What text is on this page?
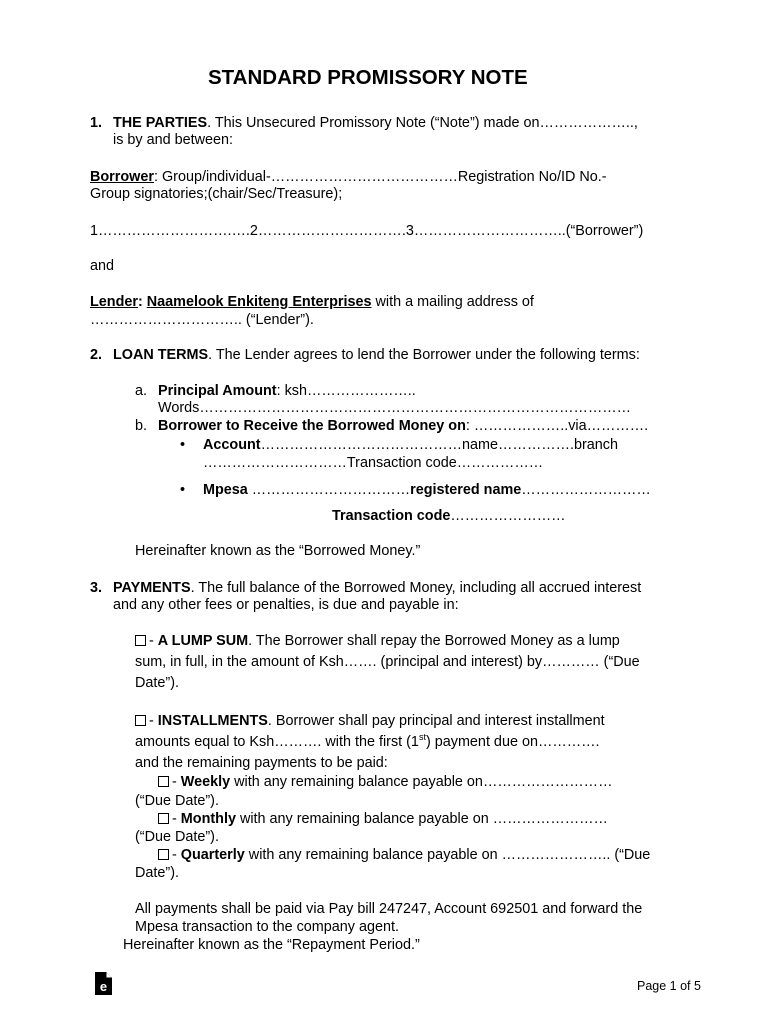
STANDARD PROMISSORY NOTE
1. THE PARTIES. This Unsecured Promissory Note (“Note”) made on………………..,
is by and between:
Borrower: Group/individual-…………………………………Registration No/ID No.-
Group signatories;(chair/Sec/Treasure);
1……………………….….2………………………….3…………………………..(“Borrower”)
and
Lender: Naamelook Enkiteng Enterprises with a mailing address of
………………………….. (“Lender”).
2. LOAN TERMS. The Lender agrees to lend the Borrower under the following terms:
a. Principal Amount: ksh…………………..
Words………………………………………………………………………………
b. Borrower to Receive the Borrowed Money on: ………………..via………….
• Account……………………………………name…………….branch
…………………………Transaction code………………
• Mpesa ……………………………registered name………………………
Transaction code……………………
Hereinafter known as the “Borrowed Money.”
3. PAYMENTS. The full balance of the Borrowed Money, including all accrued interest
and any other fees or penalties, is due and payable in:
- A LUMP SUM. The Borrower shall repay the Borrowed Money as a lump
sum, in full, in the amount of Ksh……. (principal and interest) by………… (“Due
Date”).
- INSTALLMENTS. Borrower shall pay principal and interest installment
amounts equal to Ksh………. with the first (1st) payment due on………….
and the remaining payments to be paid:
- Weekly with any remaining balance payable on………………………
(“Due Date”).
- Monthly with any remaining balance payable on ……………………
(“Due Date”).
- Quarterly with any remaining balance payable on ………………….. (“Due
Date”).
All payments shall be paid via Pay bill 247247, Account 692501 and forward the
Mpesa transaction to the company agent.
Hereinafter known as the “Repayment Period.”
e	Page 1 of 5
